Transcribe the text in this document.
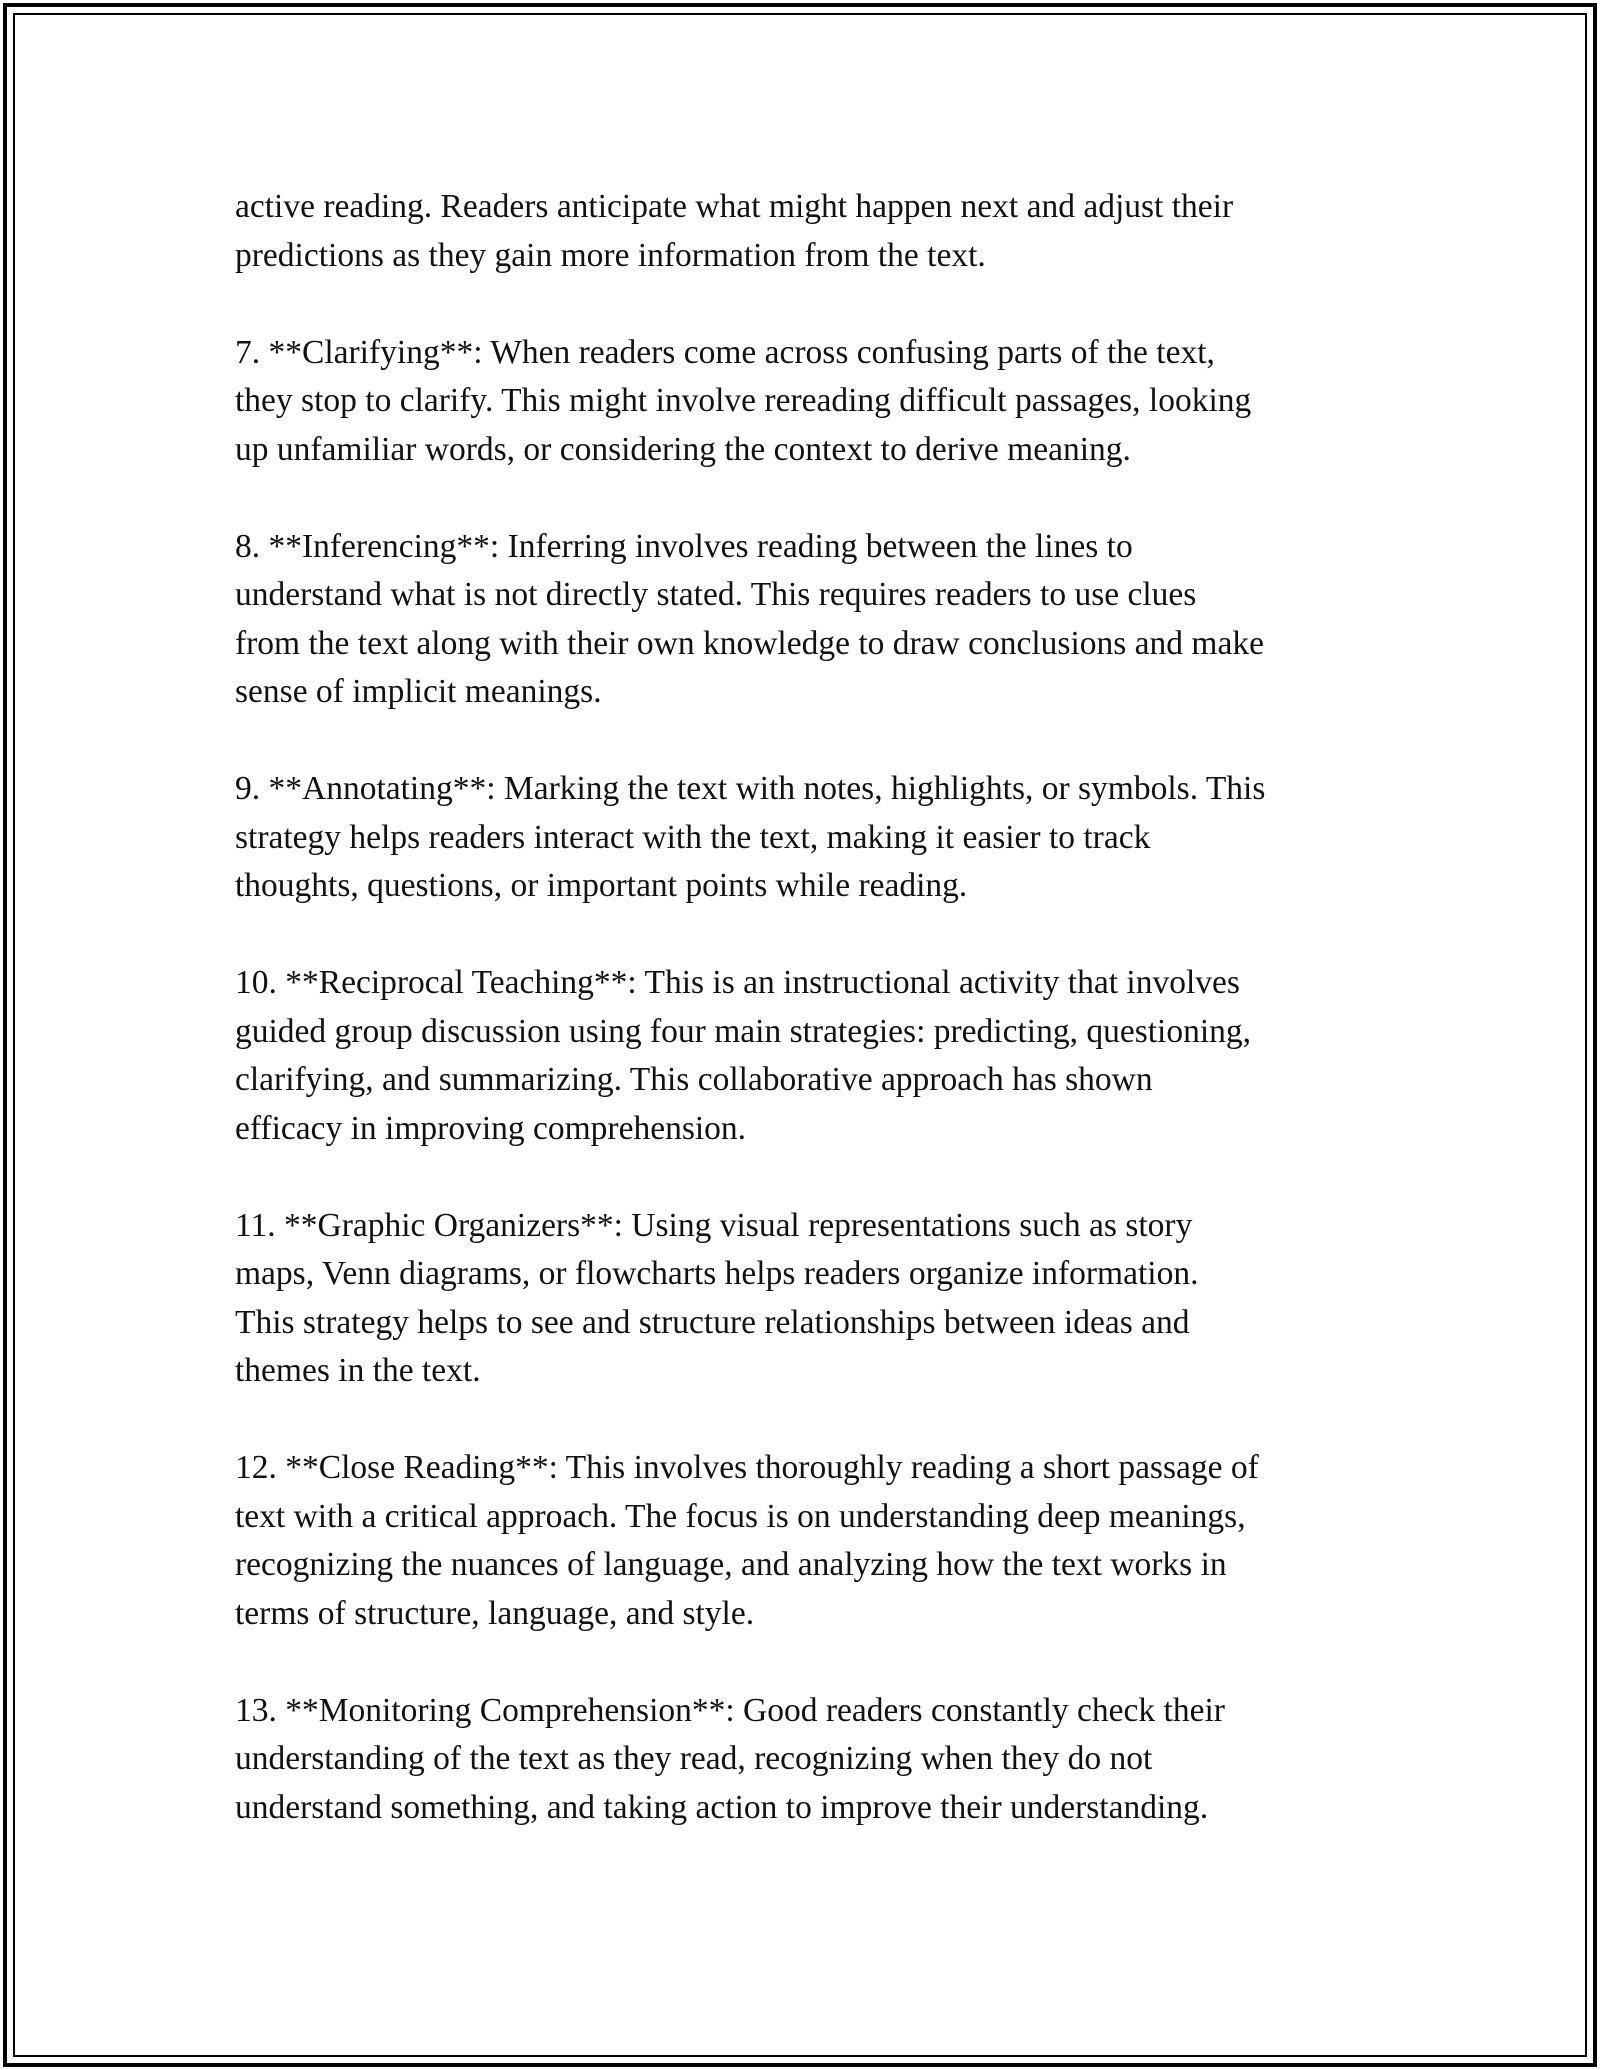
active reading. Readers anticipate what might happen next and adjust their
predictions as they gain more information from the text.

7. **Clarifying**: When readers come across confusing parts of the text,
they stop to clarify. This might involve rereading difficult passages, looking
up unfamiliar words, or considering the context to derive meaning.

8. **Inferencing**: Inferring involves reading between the lines to
understand what is not directly stated. This requires readers to use clues
from the text along with their own knowledge to draw conclusions and make
sense of implicit meanings.

9. **Annotating**: Marking the text with notes, highlights, or symbols. This
strategy helps readers interact with the text, making it easier to track
thoughts, questions, or important points while reading.

10. **Reciprocal Teaching**: This is an instructional activity that involves
guided group discussion using four main strategies: predicting, questioning,
clarifying, and summarizing. This collaborative approach has shown
efficacy in improving comprehension.

11. **Graphic Organizers**: Using visual representations such as story
maps, Venn diagrams, or flowcharts helps readers organize information.
This strategy helps to see and structure relationships between ideas and
themes in the text.

12. **Close Reading**: This involves thoroughly reading a short passage of
text with a critical approach. The focus is on understanding deep meanings,
recognizing the nuances of language, and analyzing how the text works in
terms of structure, language, and style.

13. **Monitoring Comprehension**: Good readers constantly check their
understanding of the text as they read, recognizing when they do not
understand something, and taking action to improve their understanding.
